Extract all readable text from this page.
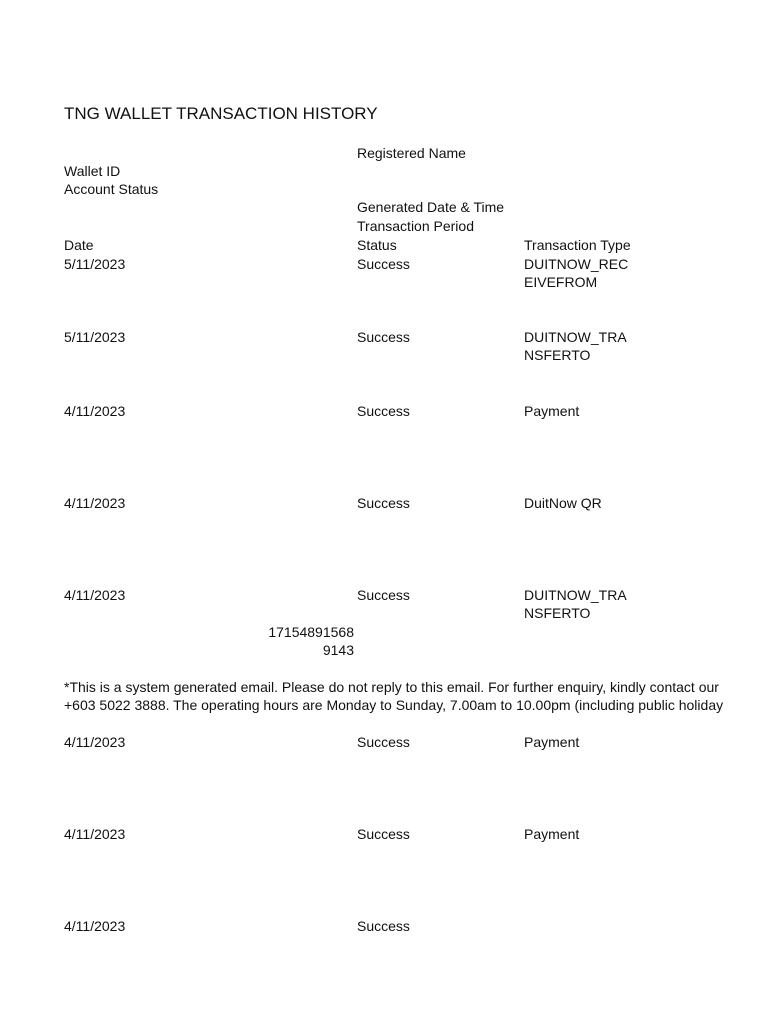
TNG WALLET TRANSACTION HISTORY
Registered Name
Wallet ID
Account Status
Generated Date & Time
Transaction Period
Date	Status	Transaction Type
5/11/2023	Success	DUITNOW_RECEIVEFROM
5/11/2023	Success	DUITNOW_TRANSFERTO
4/11/2023	Success	Payment
4/11/2023	Success	DuitNow QR
4/11/2023	Success	DUITNOW_TRANSFERTO
171548915689143
*This is a system generated email. Please do not reply to this email. For further enquiry, kindly contact our
+603 5022 3888. The operating hours are Monday to Sunday, 7.00am to 10.00pm (including public holiday
4/11/2023	Success	Payment
4/11/2023	Success	Payment
4/11/2023	Success
